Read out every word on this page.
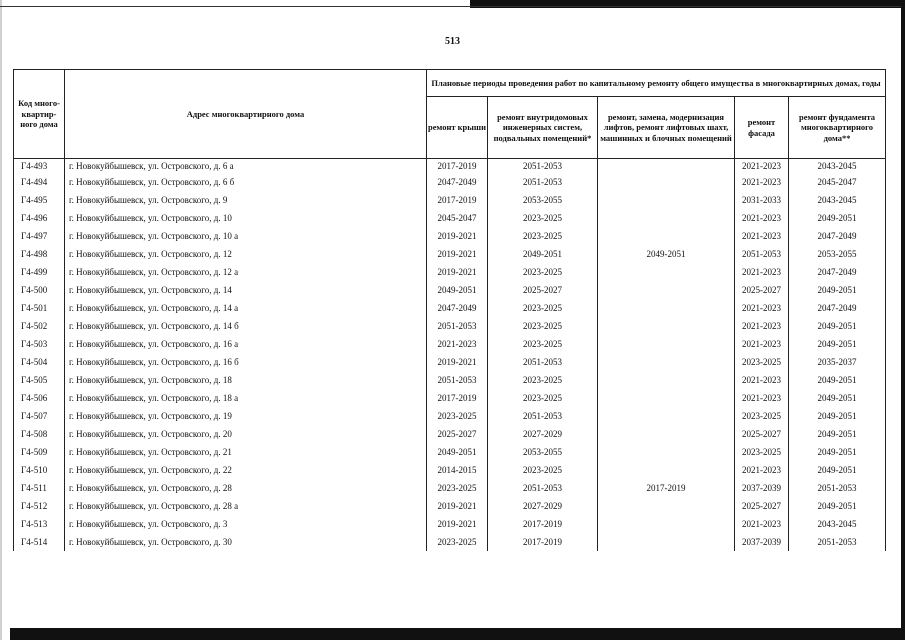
513
Код много-квартир-ного дома	Адрес многоквартирного дома	Плановые периоды проведения работ по капитальному ремонту общего имущества в многоквартирных домах, годы				
		ремонт крыши	ремонт внутридомовых инженерных систем, подвальных помещений*	ремонт, замена, модернизация лифтов, ремонт лифтовых шахт, машинных и блочных помещений	ремонт фасада	ремонт фундамента многоквартирного дома**
Г4-493	г. Новокуйбышевск, ул. Островского, д. 6 а	2017-2019	2051-2053		2021-2023	2043-2045
Г4-494	г. Новокуйбышевск, ул. Островского, д. 6 б	2047-2049	2051-2053		2021-2023	2045-2047
Г4-495	г. Новокуйбышевск, ул. Островского, д. 9	2017-2019	2053-2055		2031-2033	2043-2045
Г4-496	г. Новокуйбышевск, ул. Островского, д. 10	2045-2047	2023-2025		2021-2023	2049-2051
Г4-497	г. Новокуйбышевск, ул. Островского, д. 10 а	2019-2021	2023-2025		2021-2023	2047-2049
Г4-498	г. Новокуйбышевск, ул. Островского, д. 12	2019-2021	2049-2051	2049-2051	2051-2053	2053-2055
Г4-499	г. Новокуйбышевск, ул. Островского, д. 12 а	2019-2021	2023-2025		2021-2023	2047-2049
Г4-500	г. Новокуйбышевск, ул. Островского, д. 14	2049-2051	2025-2027		2025-2027	2049-2051
Г4-501	г. Новокуйбышевск, ул. Островского, д. 14 а	2047-2049	2023-2025		2021-2023	2047-2049
Г4-502	г. Новокуйбышевск, ул. Островского, д. 14 б	2051-2053	2023-2025		2021-2023	2049-2051
Г4-503	г. Новокуйбышевск, ул. Островского, д. 16 а	2021-2023	2023-2025		2021-2023	2049-2051
Г4-504	г. Новокуйбышевск, ул. Островского, д. 16 б	2019-2021	2051-2053		2023-2025	2035-2037
Г4-505	г. Новокуйбышевск, ул. Островского, д. 18	2051-2053	2023-2025		2021-2023	2049-2051
Г4-506	г. Новокуйбышевск, ул. Островского, д. 18 а	2017-2019	2023-2025		2021-2023	2049-2051
Г4-507	г. Новокуйбышевск, ул. Островского, д. 19	2023-2025	2051-2053		2023-2025	2049-2051
Г4-508	г. Новокуйбышевск, ул. Островского, д. 20	2025-2027	2027-2029		2025-2027	2049-2051
Г4-509	г. Новокуйбышевск, ул. Островского, д. 21	2049-2051	2053-2055		2023-2025	2049-2051
Г4-510	г. Новокуйбышевск, ул. Островского, д. 22	2014-2015	2023-2025		2021-2023	2049-2051
Г4-511	г. Новокуйбышевск, ул. Островского, д. 28	2023-2025	2051-2053	2017-2019	2037-2039	2051-2053
Г4-512	г. Новокуйбышевск, ул. Островского, д. 28 а	2019-2021	2027-2029		2025-2027	2049-2051
Г4-513	г. Новокуйбышевск, ул. Островского, д. 3	2019-2021	2017-2019		2021-2023	2043-2045
Г4-514	г. Новокуйбышевск, ул. Островского, д. 30	2023-2025	2017-2019		2037-2039	2051-2053
